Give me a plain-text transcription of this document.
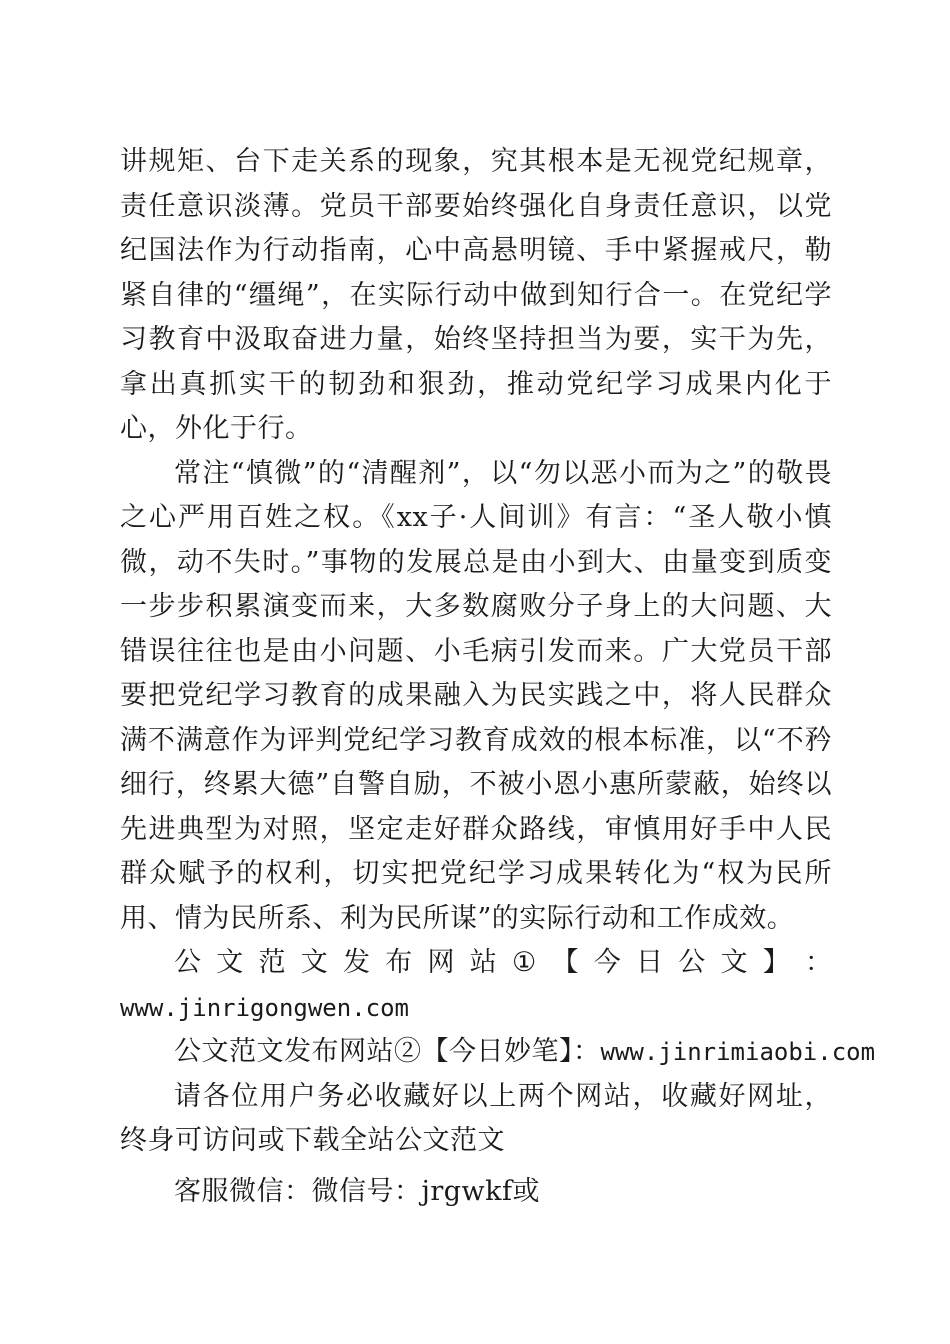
讲规矩、台下走关系的现象，究其根本是无视党纪规章，责任意识淡薄。党员干部要始终强化自身责任意识，以党纪国法作为行动指南，心中高悬明镜、手中紧握戒尺，勒紧自律的“缰绳”，在实际行动中做到知行合一。在党纪学习教育中汲取奋进力量，始终坚持担当为要，实干为先，拿出真抓实干的韧劲和狠劲，推动党纪学习成果内化于心，外化于行。

常注“慎微”的“清醒剂”，以“勿以恶小而为之”的敬畏之心严用百姓之权。《xx子·人间训》有言：“圣人敬小慎微，动不失时。”事物的发展总是由小到大、由量变到质变一步步积累演变而来，大多数腐败分子身上的大问题、大错误往往也是由小问题、小毛病引发而来。广大党员干部要把党纪学习教育的成果融入为民实践之中，将人民群众满不满意作为评判党纪学习教育成效的根本标准，以“不矜细行，终累大德”自警自励，不被小恩小惠所蒙蔽，始终以先进典型为对照，坚定走好群众路线，审慎用好手中人民群众赋予的权利，切实把党纪学习成果转化为“权为民所用、情为民所系、利为民所谋”的实际行动和工作成效。

公 文 范 文 发 布 网 站 ① 【 今 日 公 文 】 ：

www.jinrigongwen.com

公文范文发布网站②【今日妙笔】：www.jinrimiaobi.com

请各位用户务必收藏好以上两个网站，收藏好网址，终身可访问或下载全站公文范文

客服微信：微信号：jrgwkf或
